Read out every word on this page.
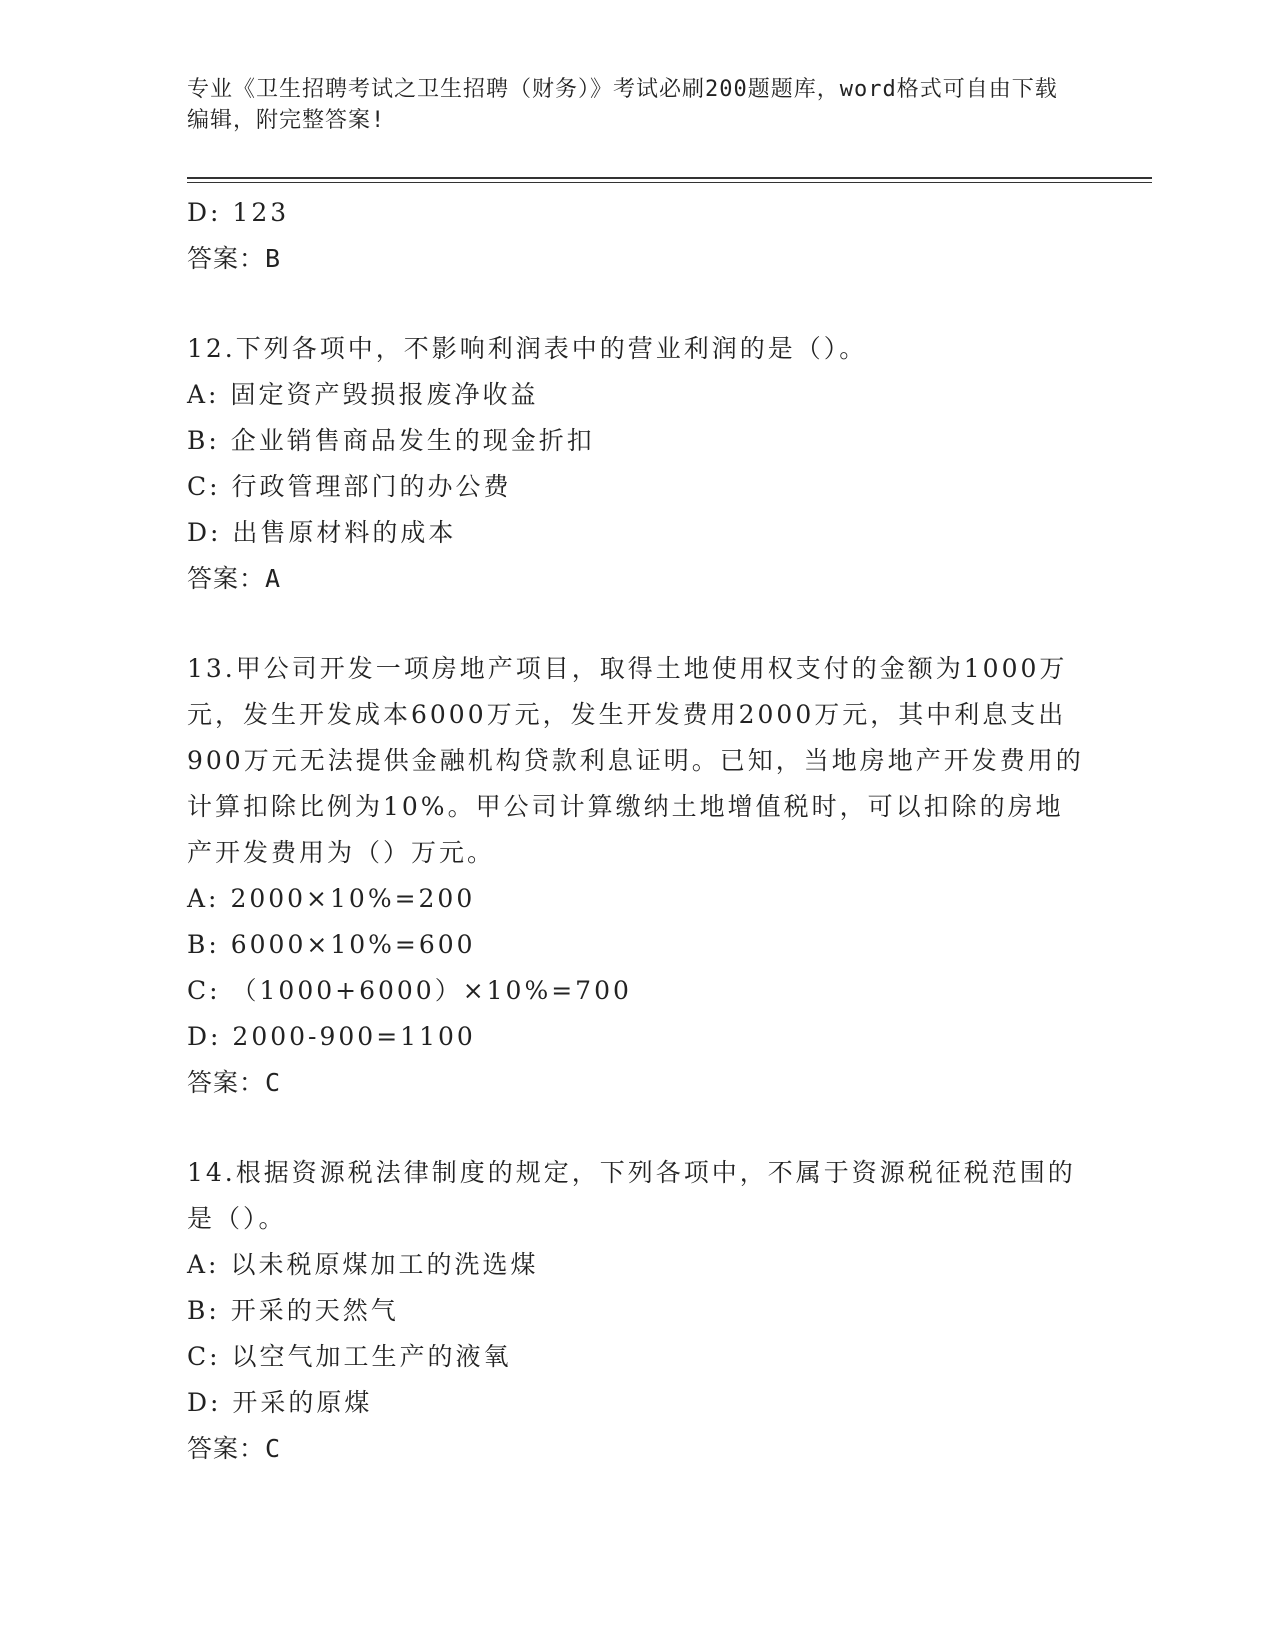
专业《卫生招聘考试之卫生招聘（财务）》考试必刷200题题库，word格式可自由下载编辑，附完整答案!
D: 123
答案：B
12.下列各项中，不影响利润表中的营业利润的是（）。
A: 固定资产毁损报废净收益
B: 企业销售商品发生的现金折扣
C: 行政管理部门的办公费
D: 出售原材料的成本
答案：A
13.甲公司开发一项房地产项目，取得土地使用权支付的金额为1000万元，发生开发成本6000万元，发生开发费用2000万元，其中利息支出900万元无法提供金融机构贷款利息证明。已知，当地房地产开发费用的计算扣除比例为10%。甲公司计算缴纳土地增值税时，可以扣除的房地产开发费用为（）万元。
A: 2000×10%=200
B: 6000×10%=600
C: （1000+6000）×10%=700
D: 2000-900=1100
答案：C
14.根据资源税法律制度的规定，下列各项中，不属于资源税征税范围的是（）。
A: 以未税原煤加工的洗选煤
B: 开采的天然气
C: 以空气加工生产的液氧
D: 开采的原煤
答案：C
